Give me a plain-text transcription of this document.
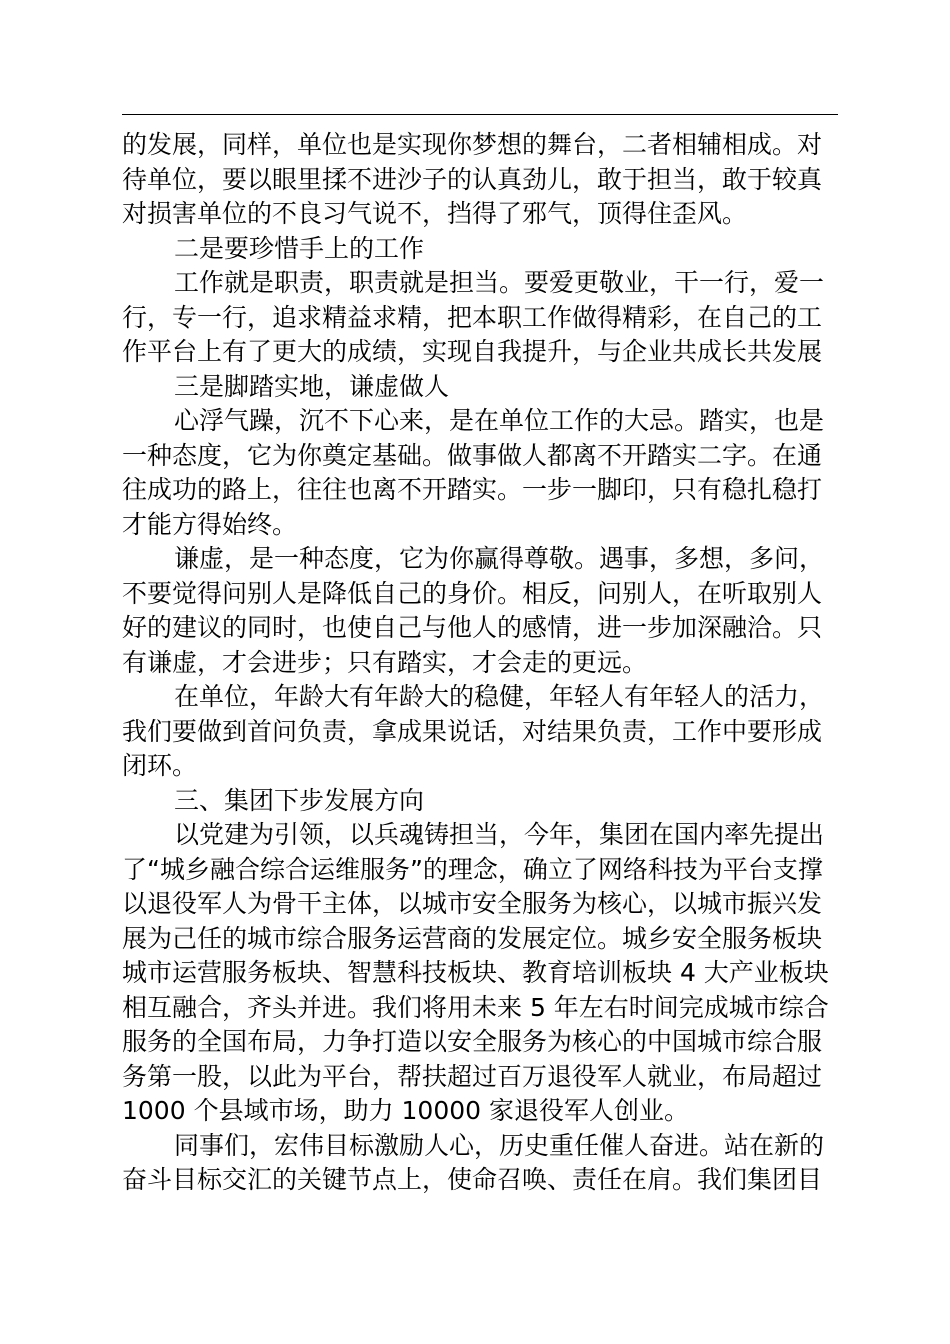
的发展，同样，单位也是实现你梦想的舞台，二者相辅相成。对
待单位，要以眼里揉不进沙子的认真劲儿，敢于担当，敢于较真
对损害单位的不良习气说不，挡得了邪气，顶得住歪风。
二是要珍惜手上的工作
工作就是职责，职责就是担当。要爱更敬业，干一行，爱一
行，专一行，追求精益求精，把本职工作做得精彩，在自己的工
作平台上有了更大的成绩，实现自我提升，与企业共成长共发展
三是脚踏实地，谦虚做人
心浮气躁，沉不下心来，是在单位工作的大忌。踏实，也是
一种态度，它为你奠定基础。做事做人都离不开踏实二字。在通
往成功的路上，往往也离不开踏实。一步一脚印，只有稳扎稳打
才能方得始终。
谦虚，是一种态度，它为你赢得尊敬。遇事，多想，多问，
不要觉得问别人是降低自己的身价。相反，问别人，在听取别人
好的建议的同时，也使自己与他人的感情，进一步加深融洽。只
有谦虚，才会进步；只有踏实，才会走的更远。
在单位，年龄大有年龄大的稳健，年轻人有年轻人的活力，
我们要做到首问负责，拿成果说话，对结果负责，工作中要形成
闭环。
三、集团下步发展方向
以党建为引领，以兵魂铸担当，今年，集团在国内率先提出
了“城乡融合综合运维服务”的理念，确立了网络科技为平台支撑
以退役军人为骨干主体，以城市安全服务为核心，以城市振兴发
展为己任的城市综合服务运营商的发展定位。城乡安全服务板块
城市运营服务板块、智慧科技板块、教育培训板块 4 大产业板块
相互融合，齐头并进。我们将用未来 5 年左右时间完成城市综合
服务的全国布局，力争打造以安全服务为核心的中国城市综合服
务第一股，以此为平台，帮扶超过百万退役军人就业，布局超过
1000 个县域市场，助力 10000 家退役军人创业。
同事们，宏伟目标激励人心，历史重任催人奋进。站在新的
奋斗目标交汇的关键节点上，使命召唤、责任在肩。我们集团目
